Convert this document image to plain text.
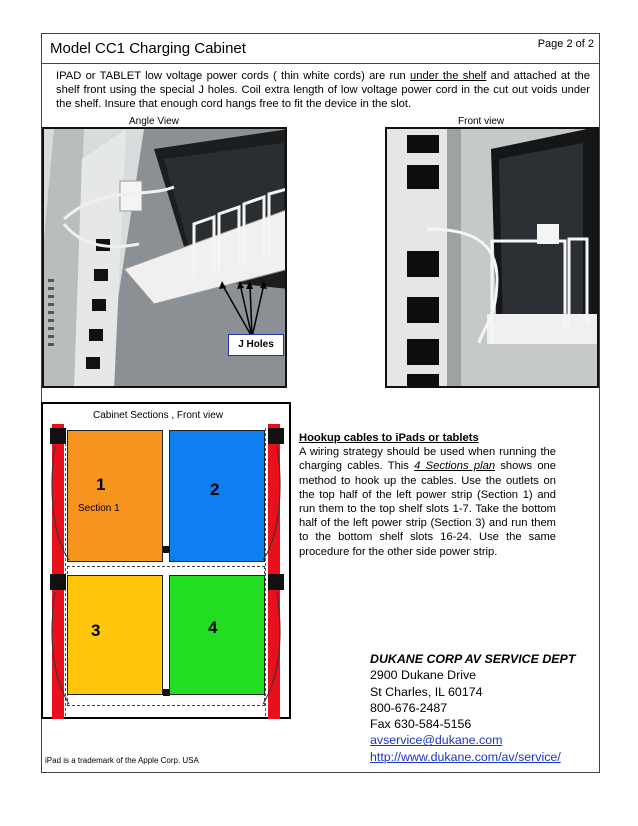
Model CC1 Charging Cabinet	Page 2 of 2

IPAD or TABLET low voltage power cords ( thin white cords) are run under the shelf and attached at the shelf front using the special J holes. Coil extra length of low voltage power cord in the cut out voids under the shelf. Insure that enough cord hangs free to fit the device in the slot.

Angle View	Front view
J Holes
Cabinet Sections , Front view
1
Section 1
2
3	4
Hookup cables to iPads or tablets

A wiring strategy should be used when running the charging cables. This 4 Sections plan shows one method to hook up the cables. Use the outlets on the top half of the left power strip (Section 1) and run them to the top shelf slots 1-7. Take the bottom half of the left power strip (Section 3) and run them to the bottom shelf slots 16-24. Use the same procedure for the other side power strip.

DUKANE CORP AV SERVICE DEPT
2900 Dukane Drive
St Charles, IL 60174
800-676-2487
Fax 630-584-5156
avservice@dukane.com
http://www.dukane.com/av/service/
iPad is a trademark of the Apple Corp. USA
